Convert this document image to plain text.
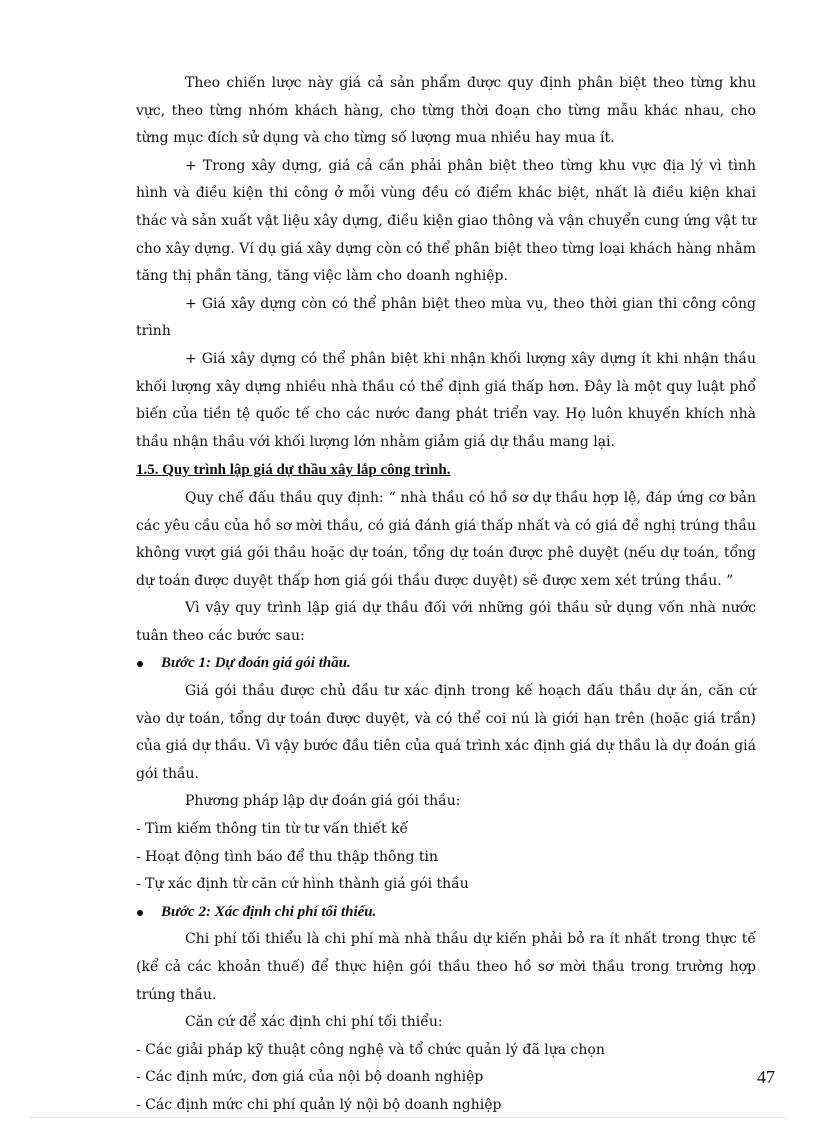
Theo chiến lược này giá cả sản phẩm được quy định phân biệt theo từng khu vực, theo từng nhóm khách hàng, cho từng thời đoạn cho từng mẫu khác nhau, cho từng mục đích sử dụng và cho từng số lượng mua nhiều hay mua ít.

+ Trong xây dựng, giá cả cần phải phân biệt theo từng khu vực địa lý vì tình hình và điều kiện thi công ở mỗi vùng đều có điểm khác biệt, nhất là điều kiện khai thác và sản xuất vật liệu xây dựng, điều kiện giao thông và vận chuyển cung ứng vật tư cho xây dựng. Ví dụ giá xây dựng còn có thể phân biệt theo từng loại khách hàng nhằm tăng thị phần tăng, tăng việc làm cho doanh nghiệp.

+ Giá xây dựng còn có thể phân biệt theo mùa vụ, theo thời gian thi công công trình

+ Giá xây dựng có thể phân biệt khi nhận khối lượng xây dựng ít khi nhận thầu khối lượng xây dựng nhiều nhà thầu có thể định giá thấp hơn. Đây là một quy luật phổ biến của tiền tệ quốc tế cho các nước đang phát triển vay. Họ luôn khuyến khích nhà thầu nhận thầu với khối lượng lớn nhằm giảm giá dự thầu mang lại.

1.5. Quy trình lập giá dự thầu xây lắp công trình.

Quy chế đấu thầu quy định: “ nhà thầu có hồ sơ dự thầu hợp lệ, đáp ứng cơ bản các yêu cầu của hồ sơ mời thầu, có giá đánh giá thấp nhất và có giá đề nghị trúng thầu không vượt giá gói thầu hoặc dự toán, tổng dự toán được phê duyệt (nếu dự toán, tổng dự toán được duyệt thấp hơn giá gói thầu được duyệt) sẽ được xem xét trúng thầu. ”

Vì vậy quy trình lập giá dự thầu đối với những gói thầu sử dụng vốn nhà nước tuân theo các bước sau:

Bước 1: Dự đoán giá gói thầu.

Giá gói thầu được chủ đầu tư xác định trong kế hoạch đấu thầu dự án, căn cứ vào dự toán, tổng dự toán được duyệt, và có thể coi nú là giới hạn trên (hoặc giá trần) của giá dự thầu. Vì vậy bước đầu tiên của quá trình xác định giá dự thầu là dự đoán giá gói thầu.

Phương pháp lập dự đoán giá gói thầu:

- Tìm kiếm thông tin từ tư vấn thiết kế

- Hoạt động tình báo để thu thập thông tin

- Tự xác định từ căn cứ hình thành giá gói thầu

Bước 2: Xác định chi phí tối thiểu.

Chi phí tối thiểu là chi phí mà nhà thầu dự kiến phải bỏ ra ít nhất trong thực tế (kể cả các khoản thuế) để thực hiện gói thầu theo hồ sơ mời thầu trong trường hợp trúng thầu.

Căn cứ để xác định chi phí tối thiểu:

- Các giải pháp kỹ thuật công nghệ và tổ chức quản lý đã lựa chọn

- Các định mức, đơn giá của nội bộ doanh nghiệp

- Các định mức chi phí quản lý nội bộ doanh nghiệp

47
